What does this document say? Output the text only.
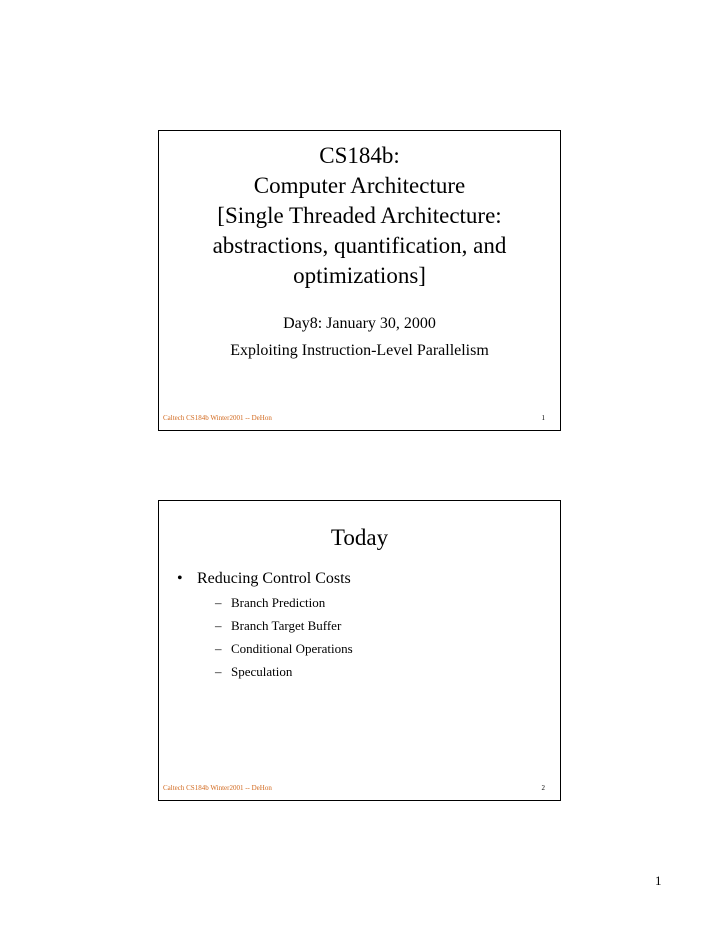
CS184b:
Computer Architecture
[Single Threaded Architecture:
abstractions, quantification, and
optimizations]
Day8: January 30, 2000
Exploiting Instruction-Level Parallelism
Caltech CS184b Winter2001 -- DeHon	1
Today
• Reducing Control Costs
– Branch Prediction
– Branch Target Buffer
– Conditional Operations
– Speculation
Caltech CS184b Winter2001 -- DeHon	2
1
